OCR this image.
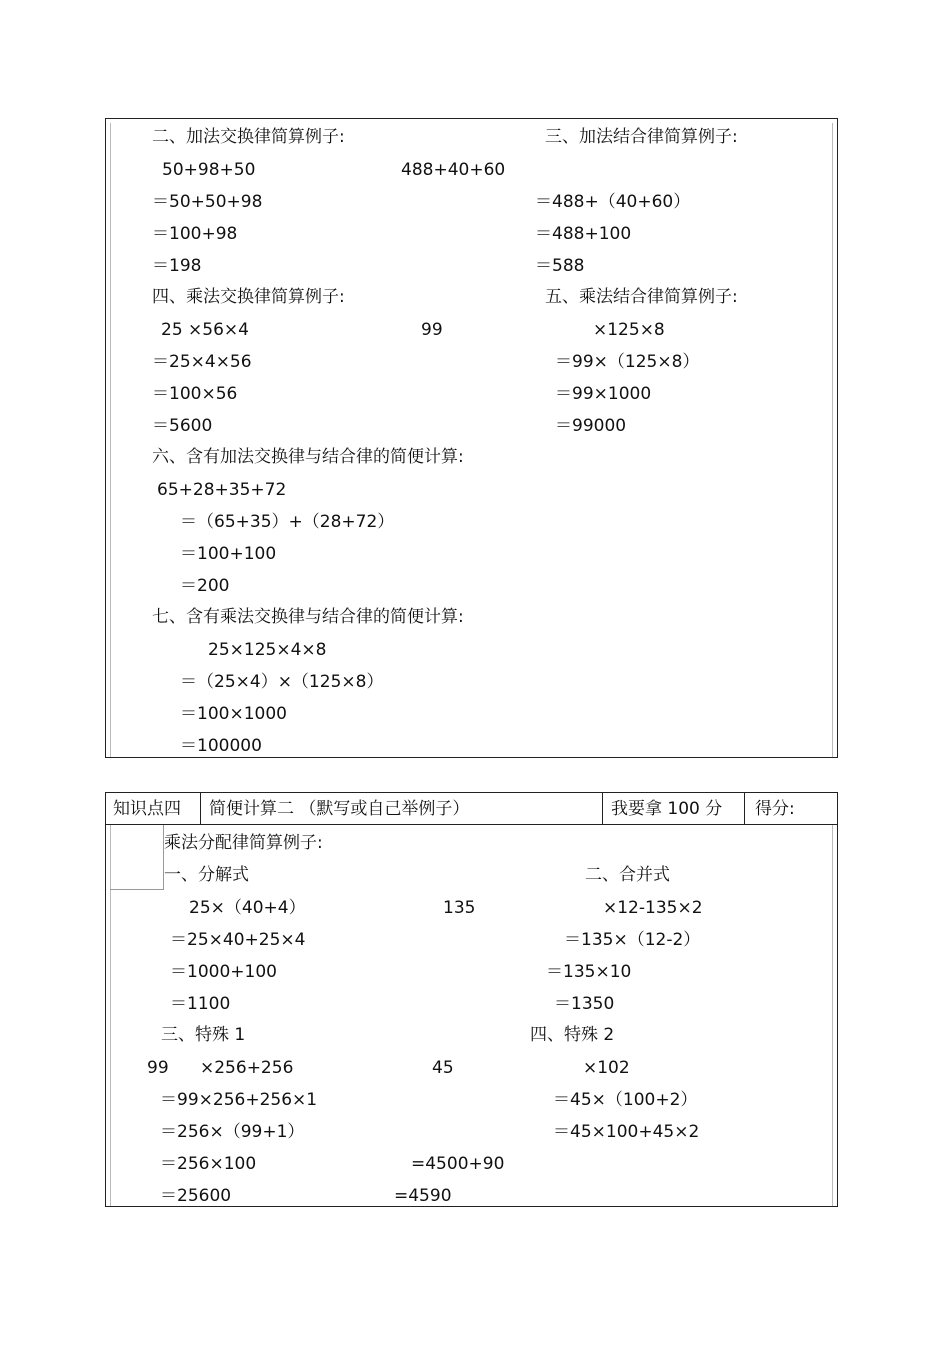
二、加法交换律简算例子:	三、加法结合律简算例子:
50+98+50	488+40+60
＝50+50+98	＝488+（40+60）
＝100+98	＝488+100
＝198	＝588
四、乘法交换律简算例子:	五、乘法结合律简算例子:
25 ×56×4	99	×125×8
＝25×4×56	＝99×（125×8）
＝100×56	＝99×1000
＝5600	＝99000
六、含有加法交换律与结合律的简便计算:
65+28+35+72
＝（65+35）+（28+72）
＝100+100
＝200
七、含有乘法交换律与结合律的简便计算:
25×125×4×8
＝（25×4）×（125×8）
＝100×1000
＝100000
知识点四 简便计算二 （默写或自己举例子）	我要拿 100 分 得分:
乘法分配律简算例子:
一、分解式	二、合并式
25×（40+4）	135	×12-135×2
＝25×40+25×4	＝135×（12-2）
＝1000+100	＝135×10
＝1100	＝1350
三、特殊 1	四、特殊 2
99 ×256+256	45	×102
＝99×256+256×1	＝45×（100+2）
＝256×（99+1）	＝45×100+45×2
＝256×100	=4500+90
＝25600	=4590
